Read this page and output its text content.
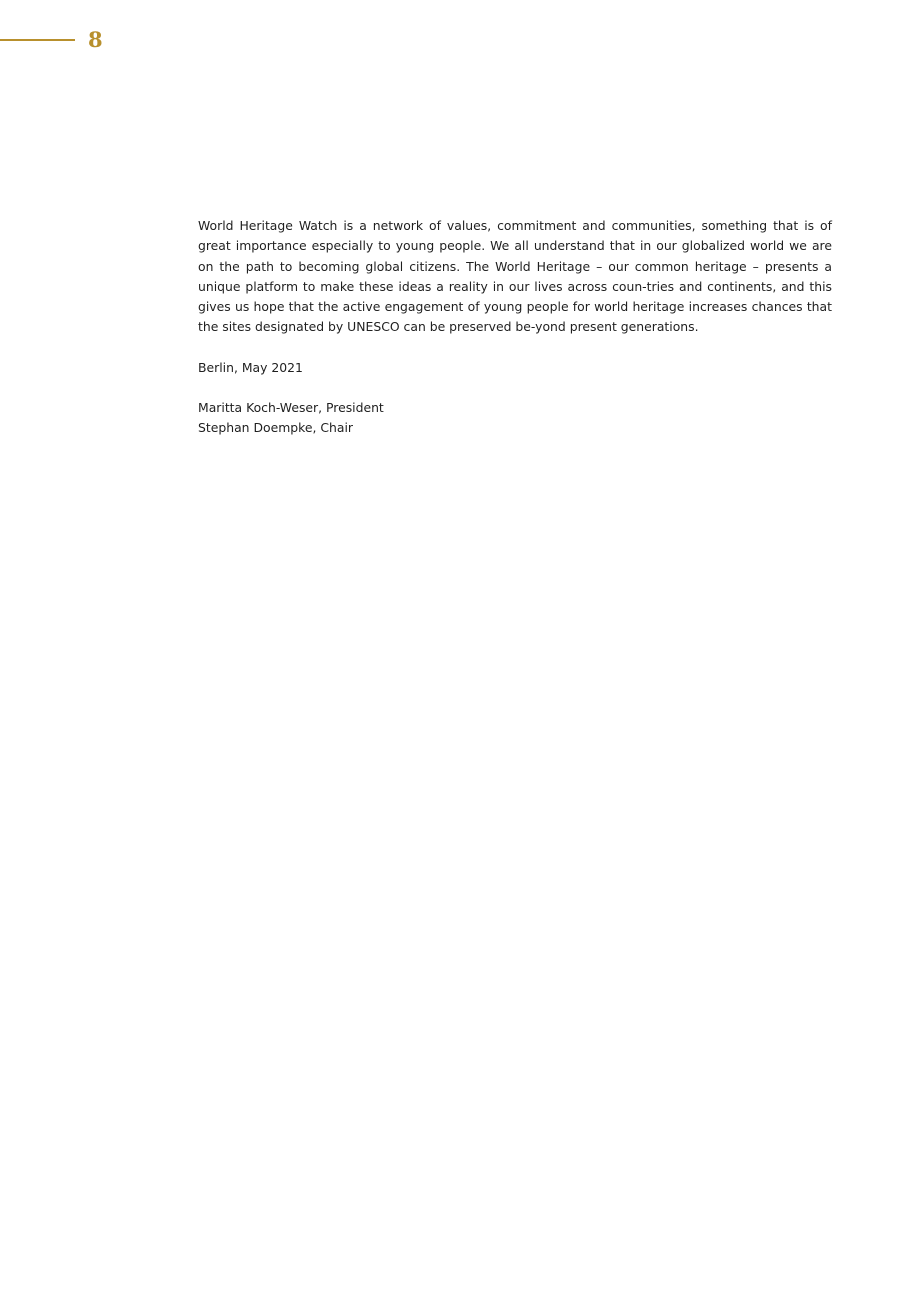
8

World Heritage Watch is a network of values, commitment and communities, something that is of great importance especially to young people. We all understand that in our globalized world we are on the path to becoming global citizens. The World Heritage – our common heritage – presents a unique platform to make these ideas a reality in our lives across coun-tries and continents, and this gives us hope that the active engagement of young people for world heritage increases chances that the sites designated by UNESCO can be preserved be-yond present generations.

Berlin, May 2021

Maritta Koch-Weser, President
Stephan Doempke, Chair
